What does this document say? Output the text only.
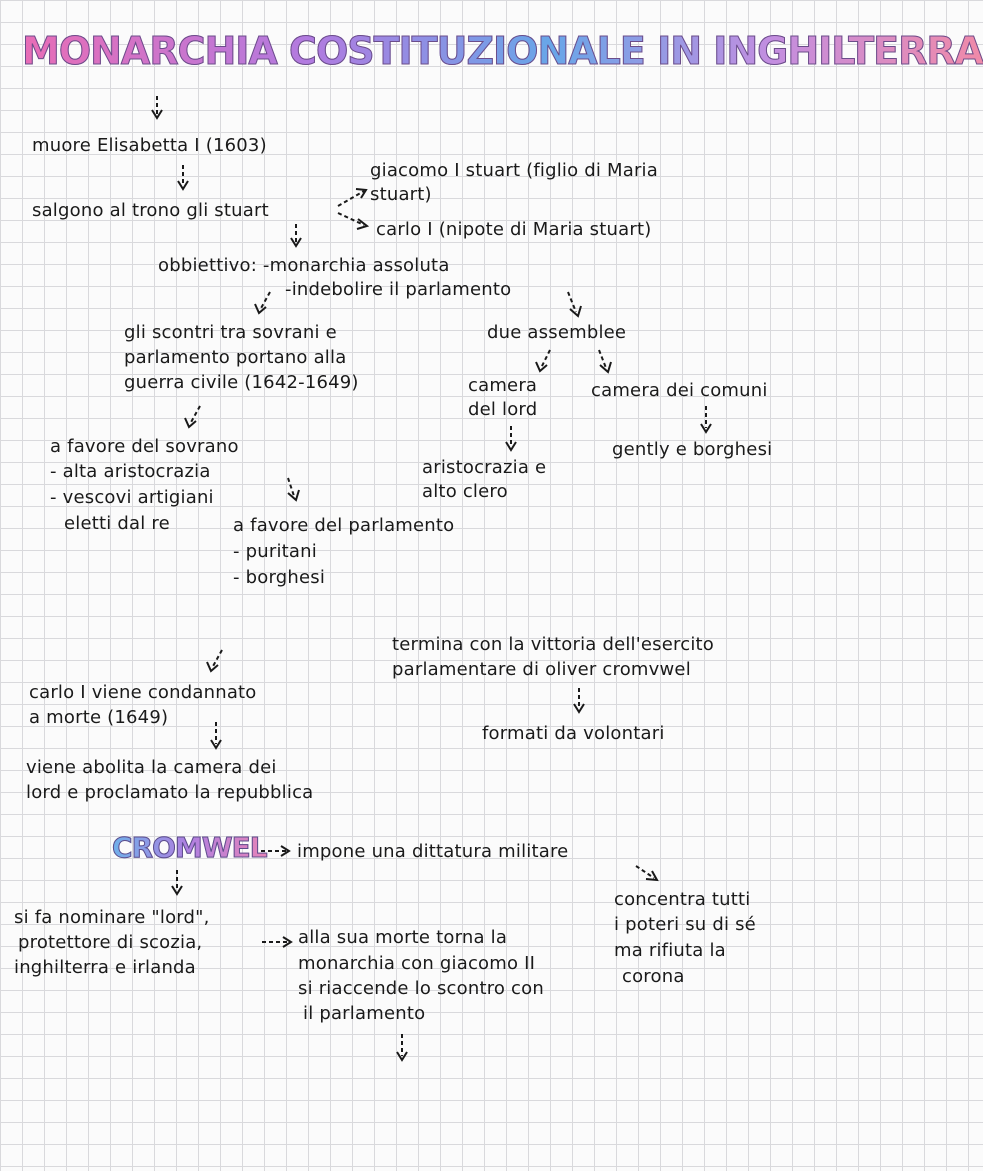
MONARCHIA COSTITUZIONALE IN INGHILTERRA
muore Elisabetta I (1603)
salgono al trono gli stuart
giacomo I stuart (figlio di Maria
stuart)
carlo I (nipote di Maria stuart)
obbiettivo: -monarchia assoluta
-indebolire il parlamento
gli scontri tra sovrani e
parlamento portano alla
guerra civile (1642-1649)
due assemblee
camera
del lord
camera dei comuni
gently e borghesi
aristocrazia e
alto clero
a favore del sovrano
- alta aristocrazia
- vescovi artigiani
eletti dal re	a favore del parlamento
- puritani
- borghesi
termina con la vittoria dell'esercito
parlamentare di oliver cromvwel
formati da volontari
carlo I viene condannato
a morte (1649)
viene abolita la camera dei
lord e proclamato la repubblica
CROMWEL impone una dittatura militare
concentra tutti
i poteri su di sé
ma rifiuta la
corona
si fa nominare "lord",
protettore di scozia,
inghilterra e irlanda
alla sua morte torna la
monarchia con giacomo II
si riaccende lo scontro con
il parlamento
